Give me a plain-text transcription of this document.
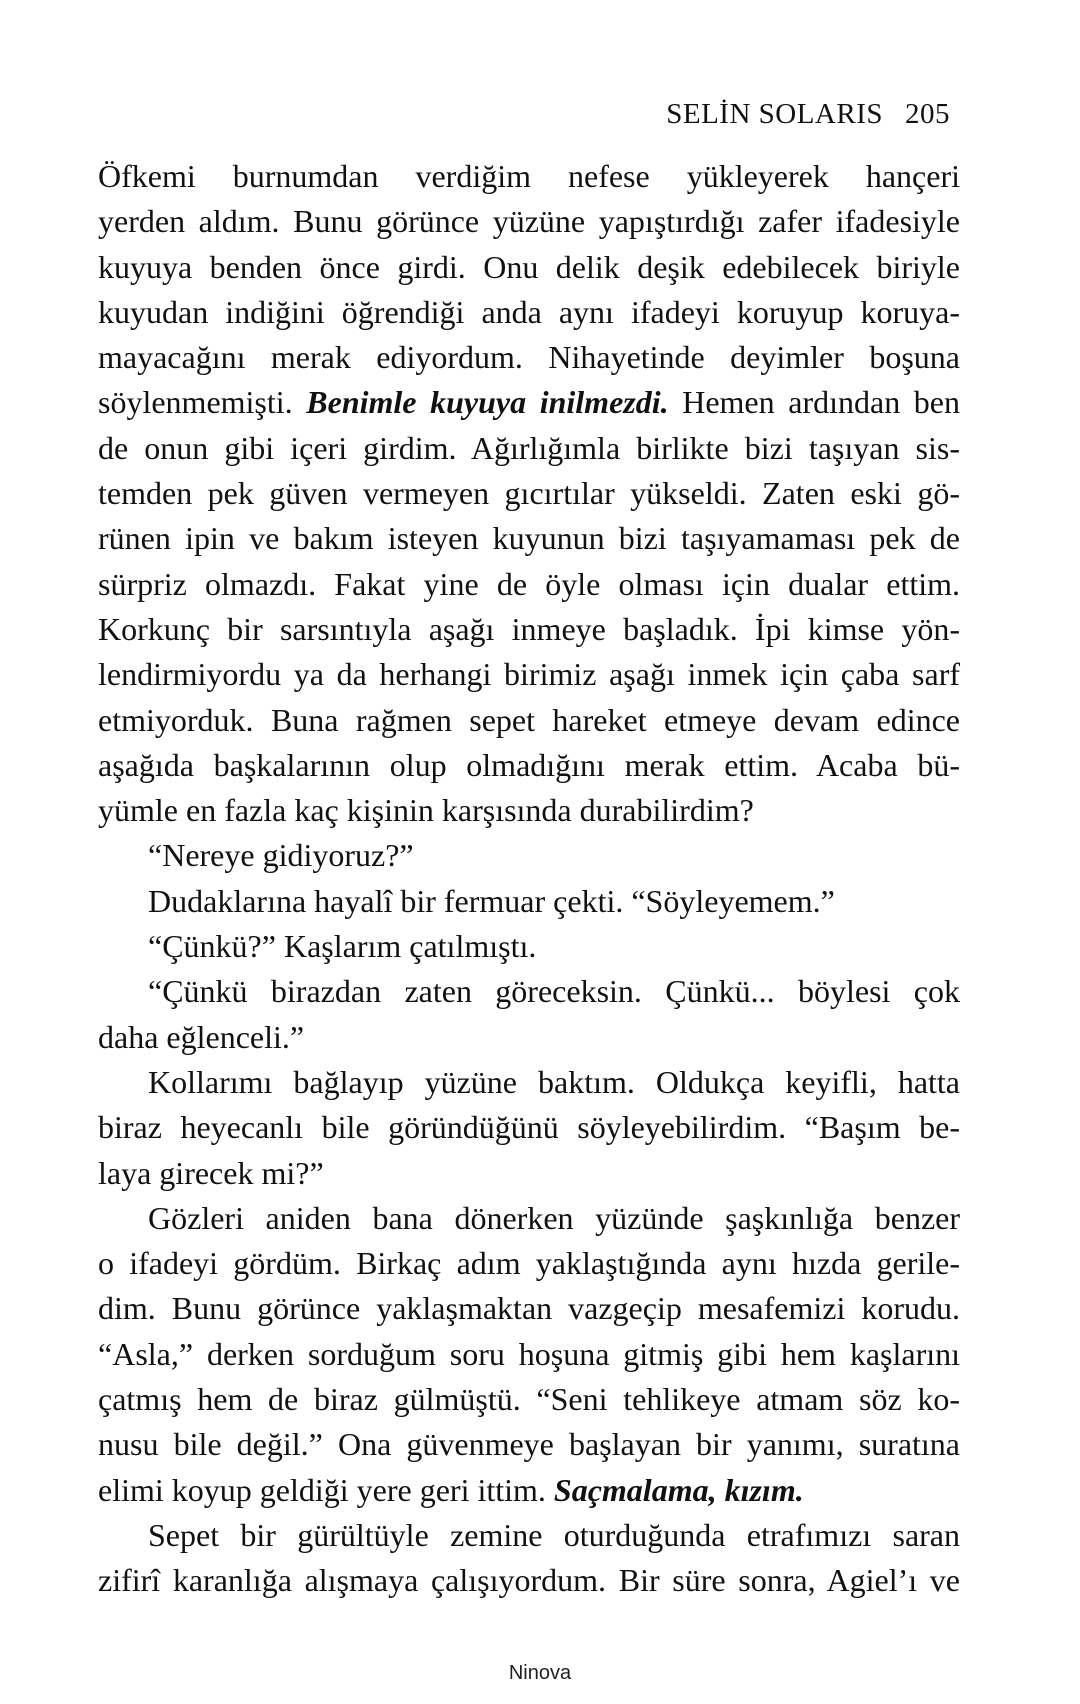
SELİN SOLARIS 205
Öfkemi burnumdan verdiğim nefese yükleyerek hançeri
yerden aldım. Bunu görünce yüzüne yapıştırdığı zafer ifadesiyle
kuyuya benden önce girdi. Onu delik deşik edebilecek biriyle
kuyudan indiğini öğrendiği anda aynı ifadeyi koruyup koruya-
mayacağını merak ediyordum. Nihayetinde deyimler boşuna
söylenmemişti. Benimle kuyuya inilmezdi. Hemen ardından ben
de onun gibi içeri girdim. Ağırlığımla birlikte bizi taşıyan sis-
temden pek güven vermeyen gıcırtılar yükseldi. Zaten eski gö-
rünen ipin ve bakım isteyen kuyunun bizi taşıyamaması pek de
sürpriz olmazdı. Fakat yine de öyle olması için dualar ettim.
Korkunç bir sarsıntıyla aşağı inmeye başladık. İpi kimse yön-
lendirmiyordu ya da herhangi birimiz aşağı inmek için çaba sarf
etmiyorduk. Buna rağmen sepet hareket etmeye devam edince
aşağıda başkalarının olup olmadığını merak ettim. Acaba bü-
yümle en fazla kaç kişinin karşısında durabilirdim?
“Nereye gidiyoruz?”
Dudaklarına hayalî bir fermuar çekti. “Söyleyemem.”
“Çünkü?” Kaşlarım çatılmıştı.
“Çünkü birazdan zaten göreceksin. Çünkü... böylesi çok
daha eğlenceli.”
Kollarımı bağlayıp yüzüne baktım. Oldukça keyifli, hatta
biraz heyecanlı bile göründüğünü söyleyebilirdim. “Başım be-
laya girecek mi?”
Gözleri aniden bana dönerken yüzünde şaşkınlığa benzer
o ifadeyi gördüm. Birkaç adım yaklaştığında aynı hızda gerile-
dim. Bunu görünce yaklaşmaktan vazgeçip mesafemizi korudu.
“Asla,” derken sorduğum soru hoşuna gitmiş gibi hem kaşlarını
çatmış hem de biraz gülmüştü. “Seni tehlikeye atmam söz ko-
nusu bile değil.” Ona güvenmeye başlayan bir yanımı, suratına
elimi koyup geldiği yere geri ittim. Saçmalama, kızım.
Sepet bir gürültüyle zemine oturduğunda etrafımızı saran
zifirî karanlığa alışmaya çalışıyordum. Bir süre sonra, Agiel’ı ve
Ninova
